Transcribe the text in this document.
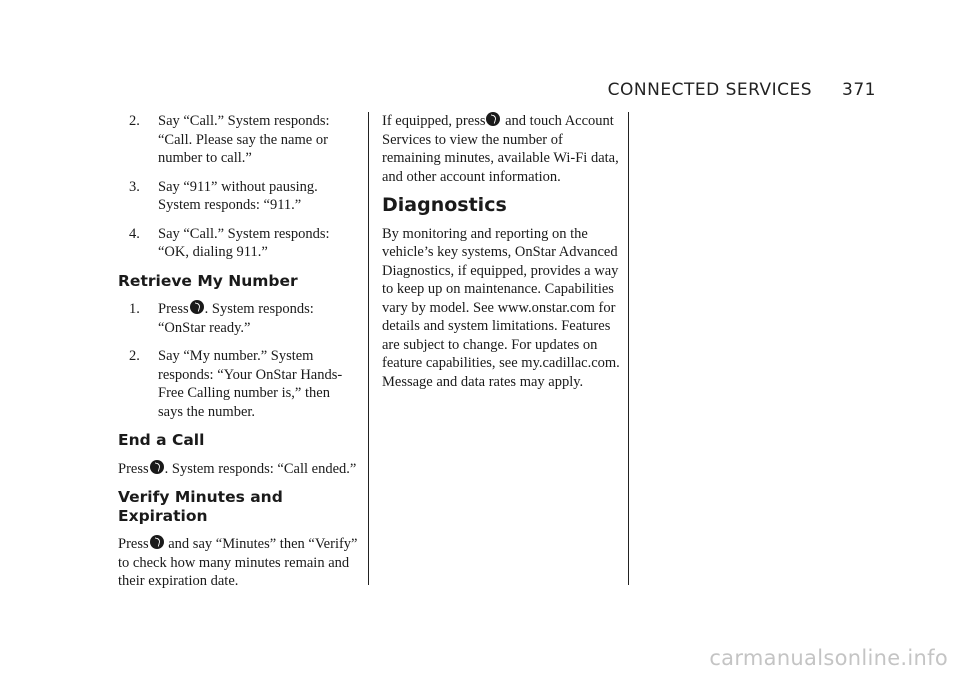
CONNECTED SERVICES 371
2.	Say “Call.” System responds: “Call. Please say the name or number to call.”
3.	Say “911” without pausing. System responds: “911.”
4.	Say “Call.” System responds: “OK, dialing 911.”
Retrieve My Number
1.	Press . System responds: “OnStar ready.”
2.	Say “My number.” System responds: “Your OnStar Hands-Free Calling number is,” then says the number.
End a Call

Press . System responds: “Call ended.”

Verify Minutes and Expiration

Press and say “Minutes” then “Verify” to check how many minutes remain and their expiration date.

If equipped, press and touch Account Services to view the number of remaining minutes, available Wi-Fi data, and other account information.

Diagnostics

By monitoring and reporting on the vehicle’s key systems, OnStar Advanced Diagnostics, if equipped, provides a way to keep up on maintenance. Capabilities vary by model. See www.onstar.com for details and system limitations. Features are subject to change. For updates on feature capabilities, see my.cadillac.com. Message and data rates may apply.

carmanualsonline.info
